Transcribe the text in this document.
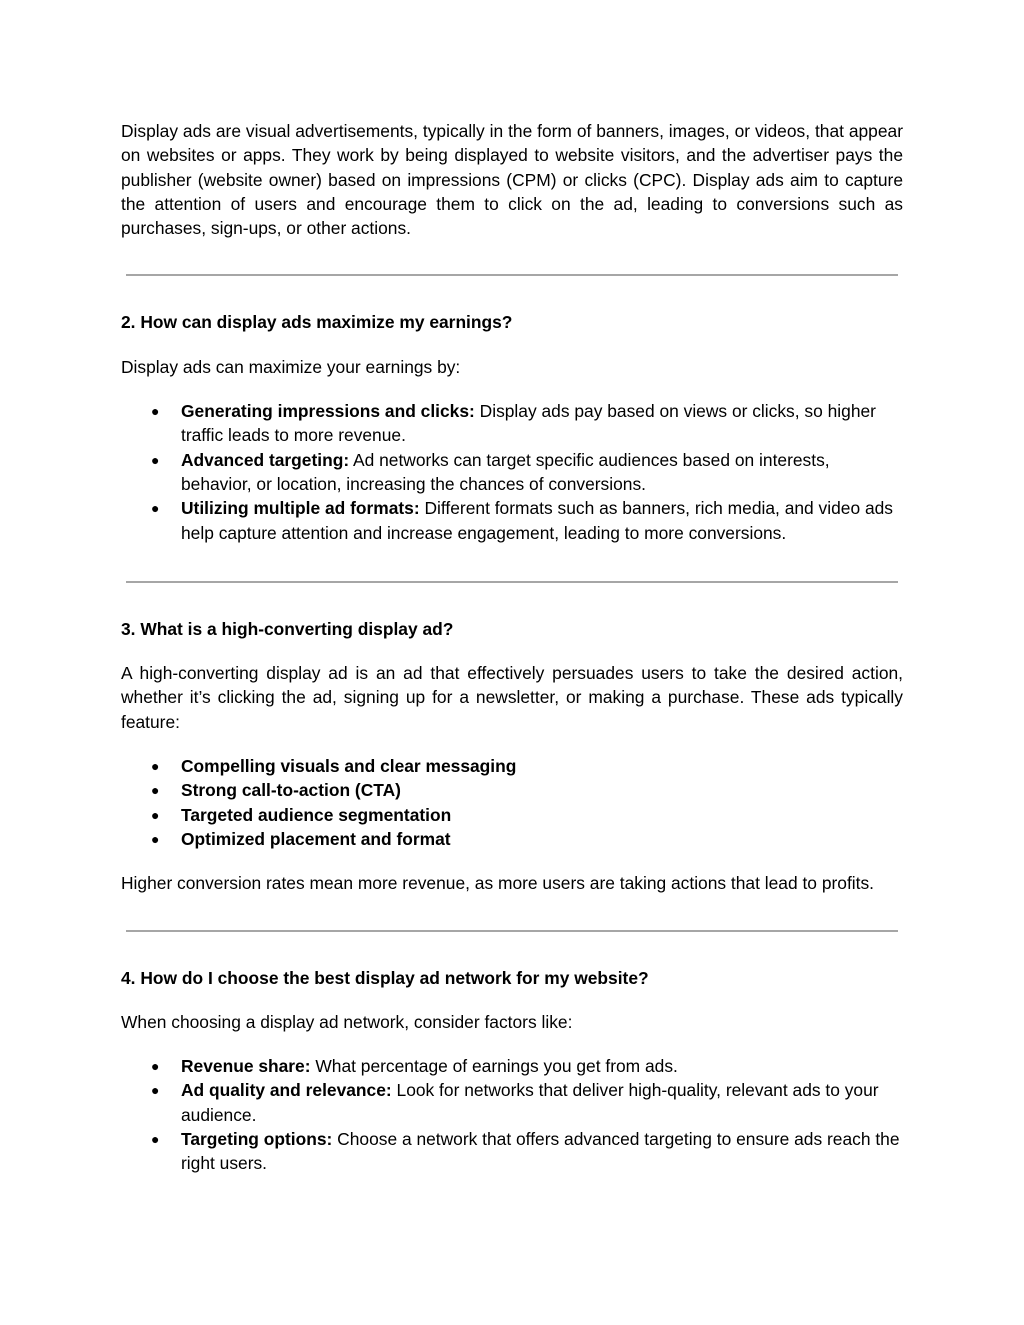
Display ads are visual advertisements, typically in the form of banners, images, or videos, that appear on websites or apps. They work by being displayed to website visitors, and the advertiser pays the publisher (website owner) based on impressions (CPM) or clicks (CPC). Display ads aim to capture the attention of users and encourage them to click on the ad, leading to conversions such as purchases, sign-ups, or other actions.

2. How can display ads maximize my earnings?

Display ads can maximize your earnings by:

● Generating impressions and clicks: Display ads pay based on views or clicks, so higher traffic leads to more revenue.
● Advanced targeting: Ad networks can target specific audiences based on interests, behavior, or location, increasing the chances of conversions.
● Utilizing multiple ad formats: Different formats such as banners, rich media, and video ads help capture attention and increase engagement, leading to more conversions.
3. What is a high-converting display ad?

A high-converting display ad is an ad that effectively persuades users to take the desired action, whether it’s clicking the ad, signing up for a newsletter, or making a purchase. These ads typically feature:

● Compelling visuals and clear messaging
● Strong call-to-action (CTA)
● Targeted audience segmentation
● Optimized placement and format

Higher conversion rates mean more revenue, as more users are taking actions that lead to profits.

4. How do I choose the best display ad network for my website?

When choosing a display ad network, consider factors like:

● Revenue share: What percentage of earnings you get from ads.
● Ad quality and relevance: Look for networks that deliver high-quality, relevant ads to your audience.
● Targeting options: Choose a network that offers advanced targeting to ensure ads reach the right users.
